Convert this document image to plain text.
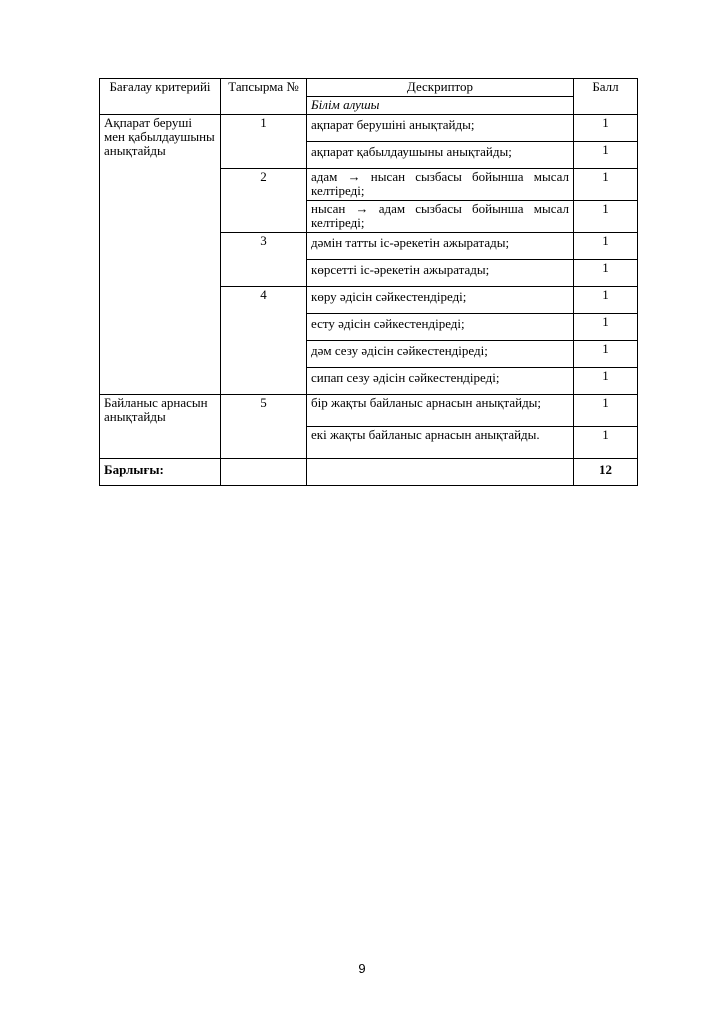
Бағалау критерийі	Тапсырма №	Дескриптор	Балл
		Білім алушы	
Ақпарат беруші мен қабылдаушыны анықтайды	1	ақпарат берушіні анықтайды;	1
		ақпарат қабылдаушыны анықтайды;	1
	2	адам → нысан сызбасы бойынша мысал келтіреді;	1
		нысан → адам сызбасы бойынша мысал келтіреді;	1
	3	дәмін татты іс-әрекетін ажыратады;	1
		көрсетті іс-әрекетін ажыратады;	1
	4	көру әдісін сәйкестендіреді;	1
		есту әдісін сәйкестендіреді;	1
		дәм сезу әдісін сәйкестендіреді;	1
		сипап сезу әдісін сәйкестендіреді;	1
Байланыс арнасын анықтайды	5	бір жақты байланыс арнасын анықтайды;	1
		екі жақты байланыс арнасын анықтайды.	1
Барлығы:			12
9
